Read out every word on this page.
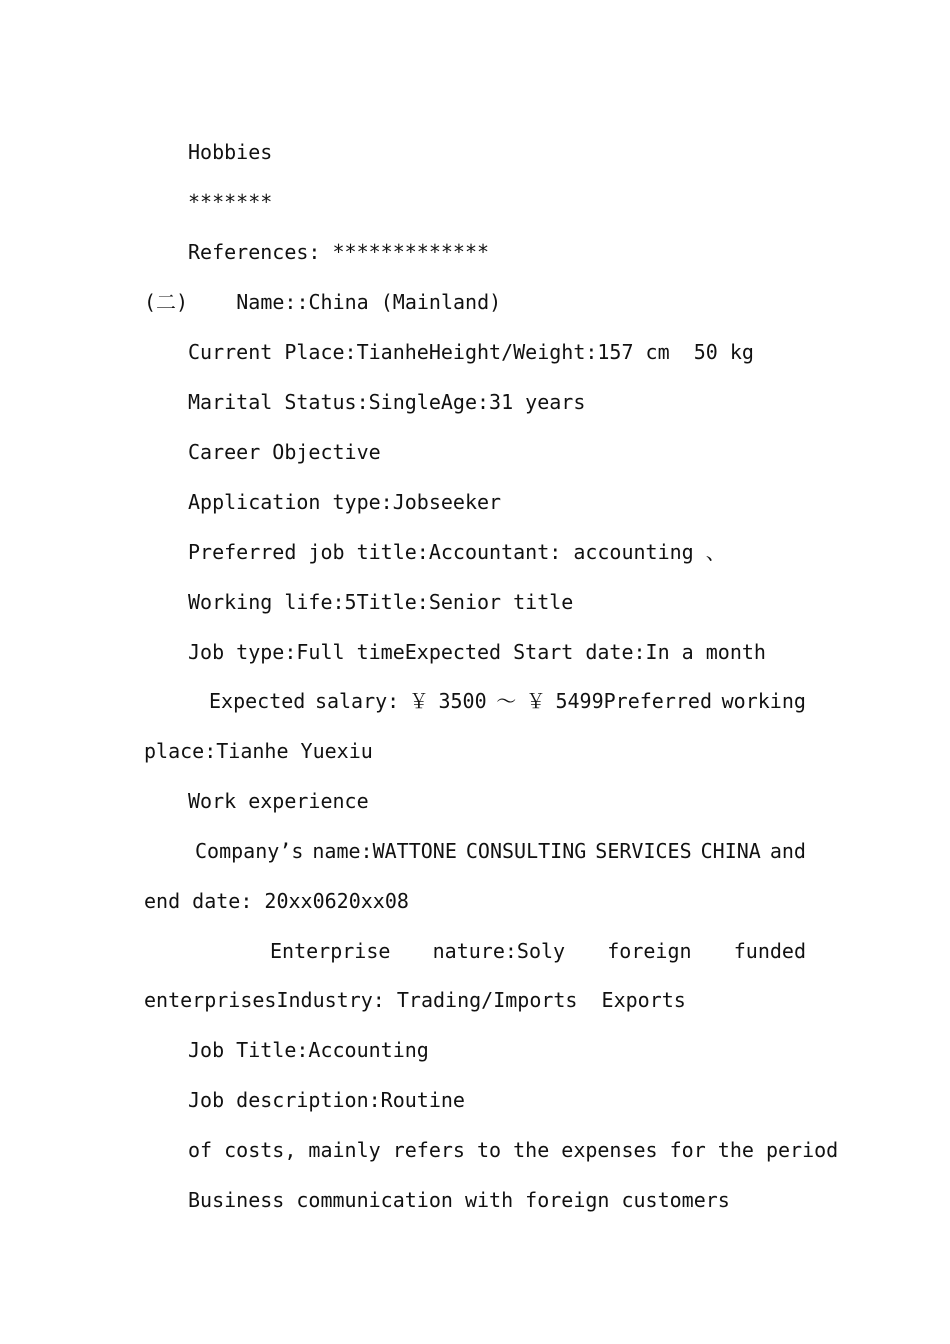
Hobbies
*******
References: *************
(二)    Name::China (Mainland)
Current Place:TianheHeight/Weight:157 cm  50 kg
Marital Status:SingleAge:31 years
Career Objective
Application type:Jobseeker
Preferred job title:Accountant: accounting 、
Working life:5Title:Senior title
Job type:Full timeExpected Start date:In a month
Expected salary: ￥ 3500 ～ ￥ 5499Preferred working
place:Tianhe Yuexiu
Work experience
Company’s name:WATTONE CONSULTING SERVICES CHINA and
end date: 20xx0620xx08
Enterprise nature:Soly foreign funded
enterprisesIndustry: Trading/Imports  Exports
Job Title:Accounting
Job description:Routine
of costs, mainly refers to the expenses for the period
Business communication with foreign customers
